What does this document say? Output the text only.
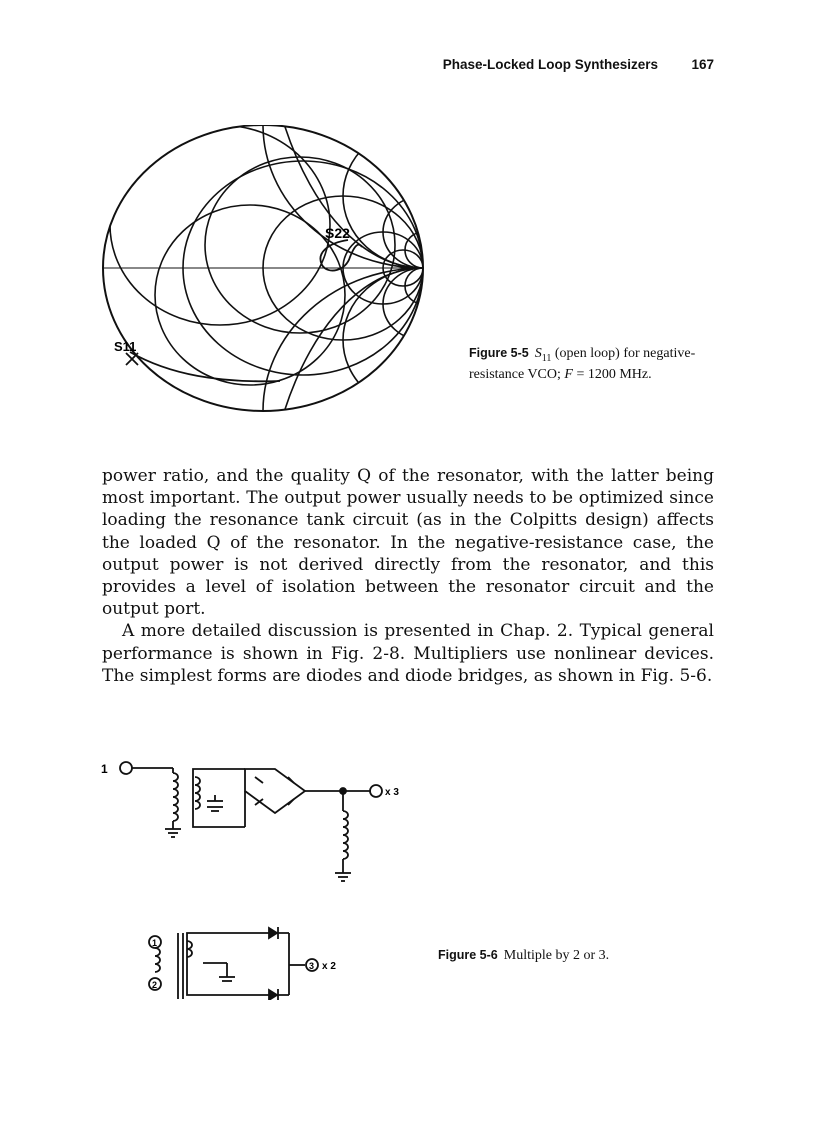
Phase-Locked Loop Synthesizers 167
S22
S11	Figure 5-5 $S_{11}$ (open loop) for negative-resistance VCO; F = 1200 MHz.

power ratio, and the quality Q of the resonator, with the latter being most important. The output power usually needs to be optimized since loading the resonance tank circuit (as in the Colpitts design) affects the loaded Q of the resonator. In the negative-resistance case, the output power is not derived directly from the resonator, and this provides a level of isolation between the resonator circuit and the output port.

A more detailed discussion is presented in Chap. 2. Typical general performance is shown in Fig. 2-8. Multipliers use nonlinear devices. The simplest forms are diodes and diode bridges, as shown in Fig. 5-6.

1
x 3
1
2
3 x 2
Figure 5-6 Multiple by 2 or 3.
